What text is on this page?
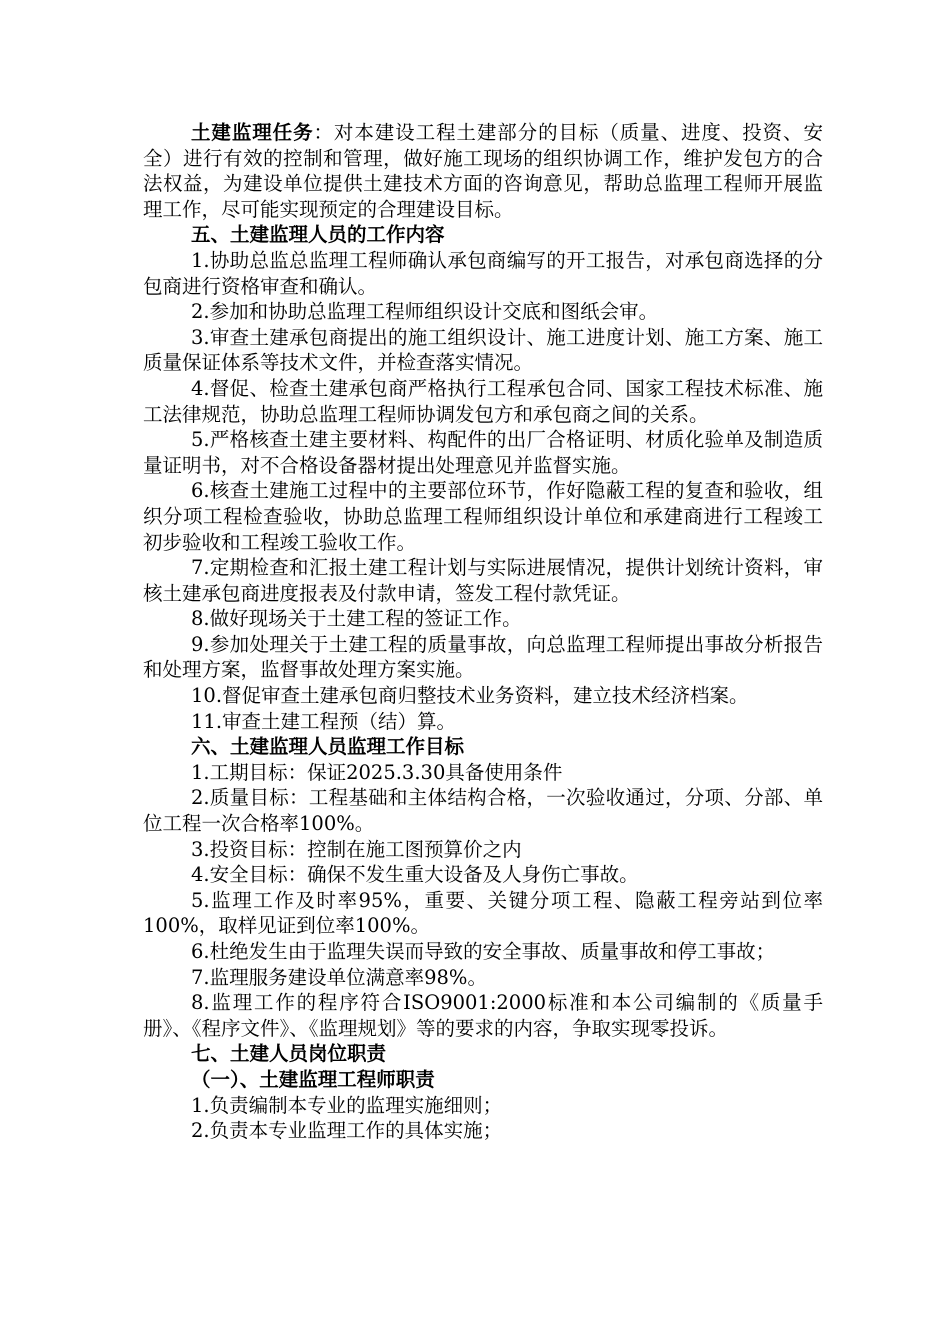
土建监理任务：对本建设工程土建部分的目标（质量、进度、投资、安全）进行有效的控制和管理，做好施工现场的组织协调工作，维护发包方的合法权益，为建设单位提供土建技术方面的咨询意见，帮助总监理工程师开展监理工作，尽可能实现预定的合理建设目标。

五、土建监理人员的工作内容

1.协助总监总监理工程师确认承包商编写的开工报告，对承包商选择的分包商进行资格审查和确认。

2.参加和协助总监理工程师组织设计交底和图纸会审。

3.审查土建承包商提出的施工组织设计、施工进度计划、施工方案、施工质量保证体系等技术文件，并检查落实情况。

4.督促、检查土建承包商严格执行工程承包合同、国家工程技术标准、施工法律规范，协助总监理工程师协调发包方和承包商之间的关系。

5.严格核查土建主要材料、构配件的出厂合格证明、材质化验单及制造质量证明书，对不合格设备器材提出处理意见并监督实施。

6.核查土建施工过程中的主要部位环节，作好隐蔽工程的复查和验收，组织分项工程检查验收，协助总监理工程师组织设计单位和承建商进行工程竣工初步验收和工程竣工验收工作。

7.定期检查和汇报土建工程计划与实际进展情况，提供计划统计资料，审核土建承包商进度报表及付款申请，签发工程付款凭证。

8.做好现场关于土建工程的签证工作。

9.参加处理关于土建工程的质量事故，向总监理工程师提出事故分析报告和处理方案，监督事故处理方案实施。

10.督促审查土建承包商归整技术业务资料，建立技术经济档案。

11.审查土建工程预（结）算。

六、土建监理人员监理工作目标

1.工期目标：保证2025.3.30具备使用条件

2.质量目标：工程基础和主体结构合格，一次验收通过，分项、分部、单位工程一次合格率100%。

3.投资目标：控制在施工图预算价之内

4.安全目标：确保不发生重大设备及人身伤亡事故。

5.监理工作及时率95%，重要、关键分项工程、隐蔽工程旁站到位率100%，取样见证到位率100%。

6.杜绝发生由于监理失误而导致的安全事故、质量事故和停工事故；

7.监理服务建设单位满意率98%。

8.监理工作的程序符合ISO9001:2000标准和本公司编制的《质量手册》、《程序文件》、《监理规划》等的要求的内容，争取实现零投诉。

七、土建人员岗位职责

（一）、土建监理工程师职责

1.负责编制本专业的监理实施细则；

2.负责本专业监理工作的具体实施；
